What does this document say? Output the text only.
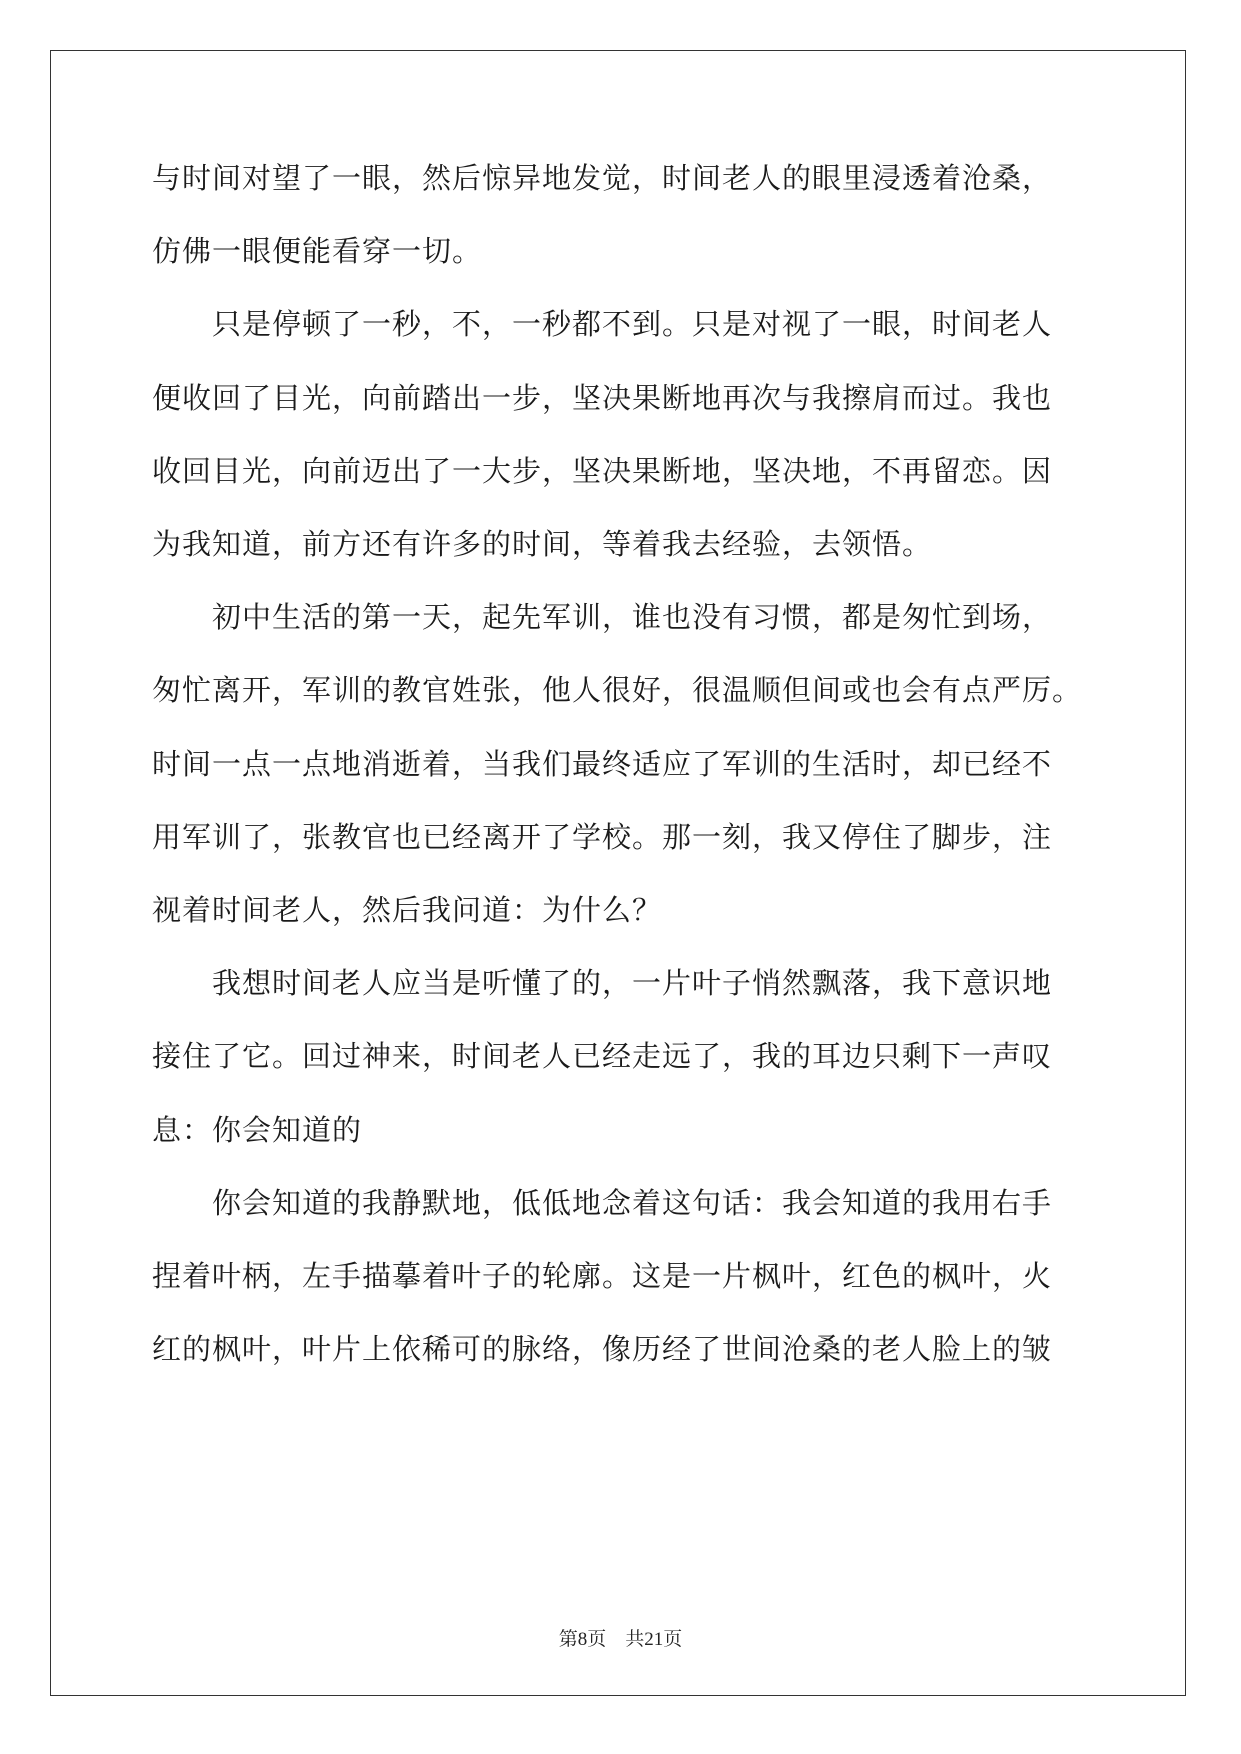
与时间对望了一眼，然后惊异地发觉，时间老人的眼里浸透着沧桑，
仿佛一眼便能看穿一切。
　　只是停顿了一秒，不，一秒都不到。只是对视了一眼，时间老人
便收回了目光，向前踏出一步，坚决果断地再次与我擦肩而过。我也
收回目光，向前迈出了一大步，坚决果断地，坚决地，不再留恋。因
为我知道，前方还有许多的时间，等着我去经验，去领悟。
　　初中生活的第一天，起先军训，谁也没有习惯，都是匆忙到场，
匆忙离开，军训的教官姓张，他人很好，很温顺但间或也会有点严厉。
时间一点一点地消逝着，当我们最终适应了军训的生活时，却已经不
用军训了，张教官也已经离开了学校。那一刻，我又停住了脚步，注
视着时间老人，然后我问道：为什么？
　　我想时间老人应当是听懂了的，一片叶子悄然飘落，我下意识地
接住了它。回过神来，时间老人已经走远了，我的耳边只剩下一声叹
息：你会知道的
　　你会知道的我静默地，低低地念着这句话：我会知道的我用右手
捏着叶柄，左手描摹着叶子的轮廓。这是一片枫叶，红色的枫叶，火
红的枫叶，叶片上依稀可的脉络，像历经了世间沧桑的老人脸上的皱
第8页　共21页
